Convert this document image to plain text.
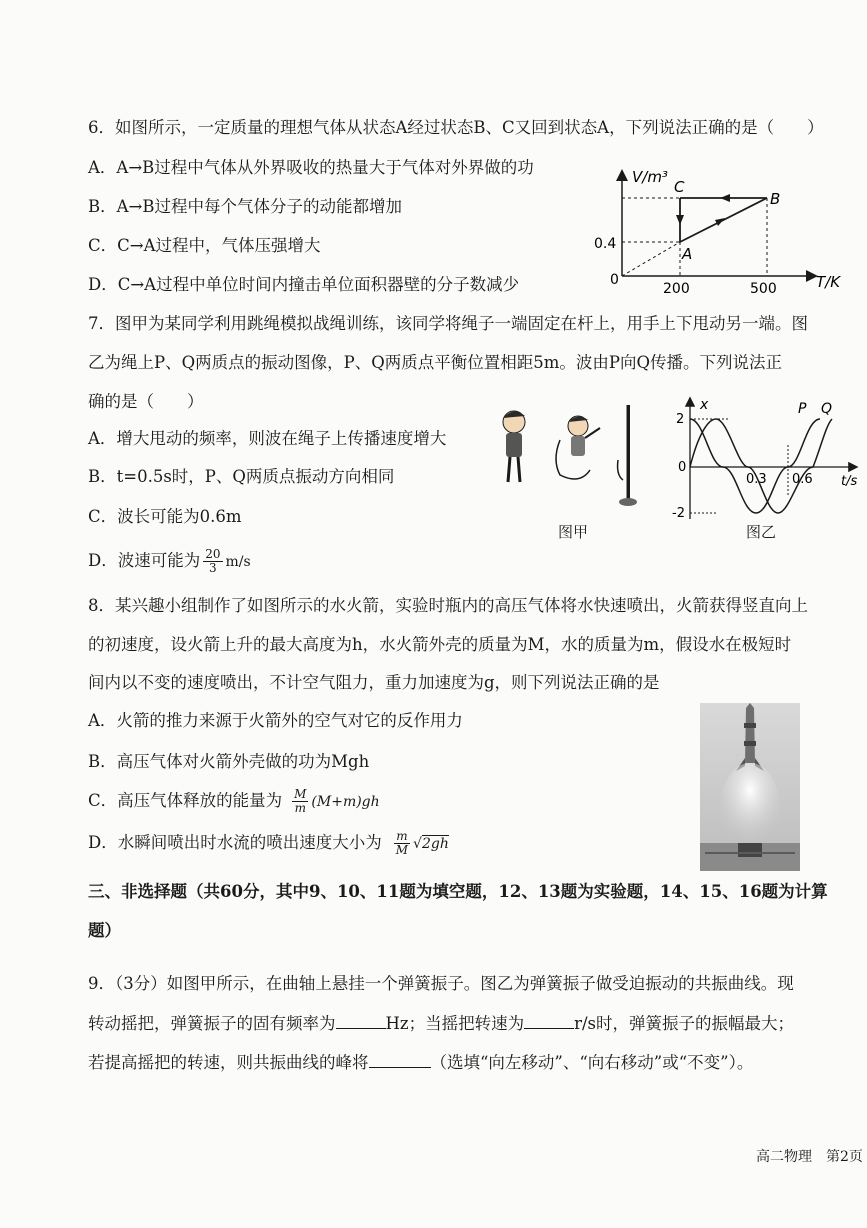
6．如图所示，一定质量的理想气体从状态A经过状态B、C又回到状态A，下列说法正确的是（　　）
A．A→B过程中气体从外界吸收的热量大于气体对外界做的功
B．A→B过程中每个气体分子的动能都增加
C．C→A过程中，气体压强增大
D．C→A过程中单位时间内撞击单位面积器壁的分子数减少
V/m³
T/K
0
0.4
200	500
C
B
A
7．图甲为某同学利用跳绳模拟战绳训练，该同学将绳子一端固定在杆上，用手上下甩动另一端。图
乙为绳上P、Q两质点的振动图像，P、Q两质点平衡位置相距5m。波由P向Q传播。下列说法正
确的是（　　）
A．增大甩动的频率，则波在绳子上传播速度增大
B．t=0.5s时，P、Q两质点振动方向相同
C．波长可能为0.6m
D．波速可能为 $\frac{20}{3} m/s$
图甲
x
t/s
2
-2
0
0.3 0.6
P Q
图乙
8．某兴趣小组制作了如图所示的水火箭，实验时瓶内的高压气体将水快速喷出，火箭获得竖直向上
的初速度，设火箭上升的最大高度为h，水火箭外壳的质量为M，水的质量为m，假设水在极短时
间内以不变的速度喷出，不计空气阻力，重力加速度为g，则下列说法正确的是
A．火箭的推力来源于火箭外的空气对它的反作用力
B．高压气体对火箭外壳做的功为Mgh
C．高压气体释放的能量为 $\frac{M}{m} (M+m)gh$
D．水瞬间喷出时水流的喷出速度大小为 $\frac{m}{M} √2gh$
三、非选择题（共60分，其中9、10、11题为填空题，12、13题为实验题，14、15、16题为计算
题）
9．（3分）如图甲所示，在曲轴上悬挂一个弹簧振子。图乙为弹簧振子做受迫振动的共振曲线。现
转动摇把，弹簧振子的固有频率为	Hz；当摇把转速为	r/s时，弹簧振子的振幅最大；
若提高摇把的转速，则共振曲线的峰将	（选填“向左移动”、“向右移动”或“不变”）。
高二物理　第2页
